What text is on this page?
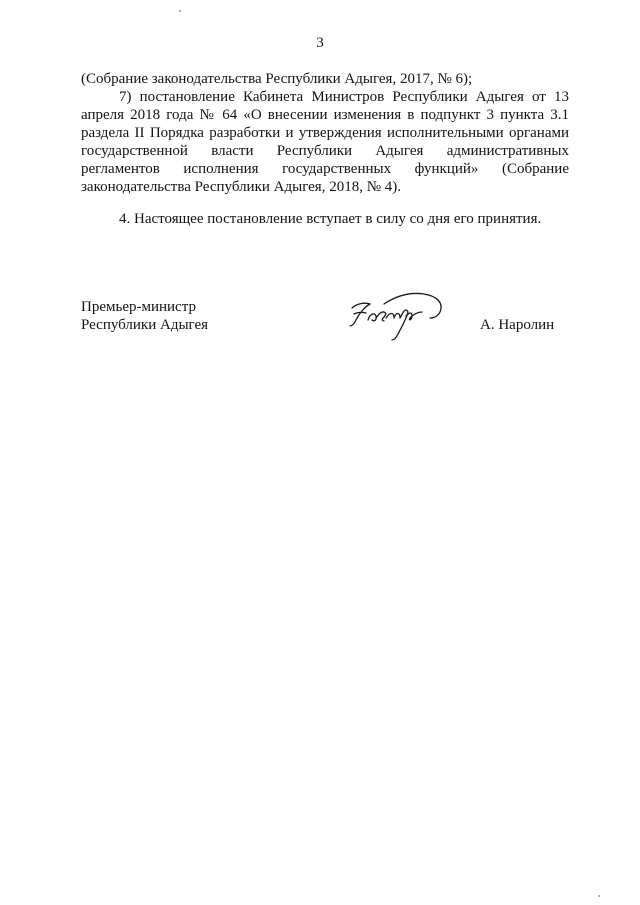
3
(Собрание законодательства Республики Адыгея, 2017, № 6);
7) постановление Кабинета Министров Республики Адыгея от 13
апреля 2018 года № 64 «О внесении изменения в подпункт 3 пункта 3.1
раздела II Порядка разработки и утверждения исполнительными органами
государственной власти Республики Адыгея административных
регламентов исполнения государственных функций» (Собрание
законодательства Республики Адыгея, 2018, № 4).
4. Настоящее постановление вступает в силу со дня его принятия.
Премьер-министр
Республики Адыгея	А. Наролин
